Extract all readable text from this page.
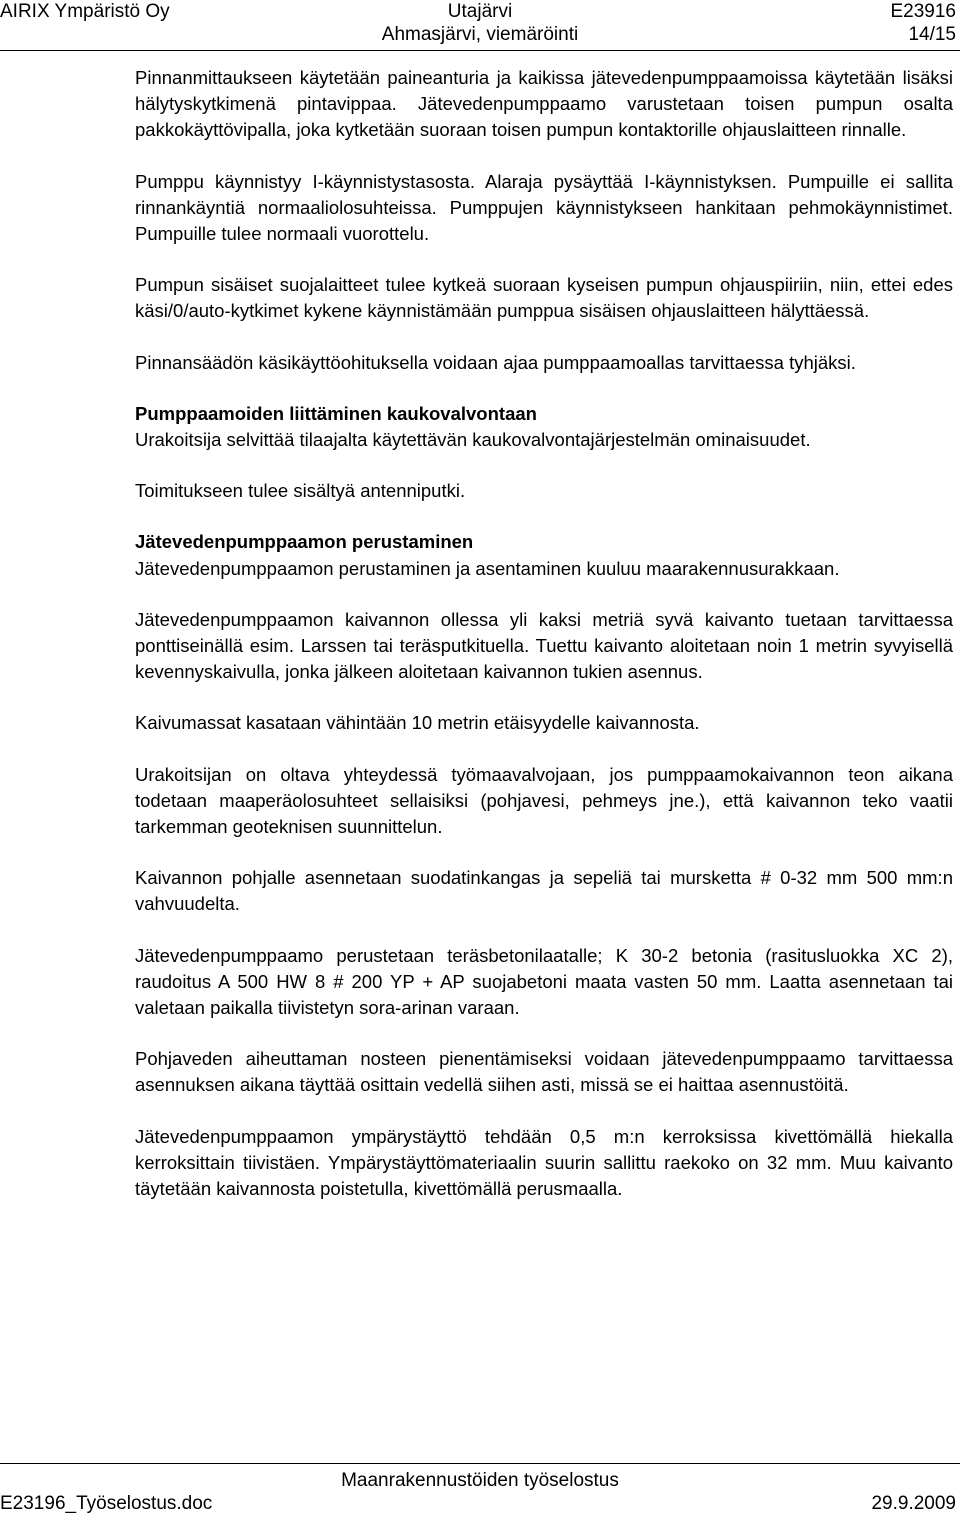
AIRIX Ympäristö Oy	Utajärvi
Ahmasjärvi, viemäröinti
E23916
14/15

Pinnanmittaukseen käytetään paineanturia ja kaikissa jätevedenpumppaamoissa käytetään lisäksi hälytyskytkimenä pintavippaa. Jätevedenpumppaamo varustetaan toisen pumpun osalta pakkokäyttövipalla, joka kytketään suoraan toisen pumpun kontaktorille ohjauslaitteen rinnalle.

Pumppu käynnistyy I-käynnistystasosta. Alaraja pysäyttää I-käynnistyksen. Pumpuille ei sallita rinnankäyntiä normaaliolosuhteissa. Pumppujen käynnistykseen hankitaan pehmokäynnistimet. Pumpuille tulee normaali vuorottelu.

Pumpun sisäiset suojalaitteet tulee kytkeä suoraan kyseisen pumpun ohjauspiiriin, niin, ettei edes käsi/0/auto-kytkimet kykene käynnistämään pumppua sisäisen ohjauslaitteen hälyttäessä.

Pinnansäädön käsikäyttöohituksella voidaan ajaa pumppaamoallas tarvittaessa tyhjäksi.

Pumppaamoiden liittäminen kaukovalvontaan

Urakoitsija selvittää tilaajalta käytettävän kaukovalvontajärjestelmän ominaisuudet.

Toimitukseen tulee sisältyä antenniputki.

Jätevedenpumppaamon perustaminen

Jätevedenpumppaamon perustaminen ja asentaminen kuuluu maarakennusurakkaan.

Jätevedenpumppaamon kaivannon ollessa yli kaksi metriä syvä kaivanto tuetaan tarvittaessa ponttiseinällä esim. Larssen tai teräsputkituella. Tuettu kaivanto aloitetaan noin 1 metrin syvyisellä kevennyskaivulla, jonka jälkeen aloitetaan kaivannon tukien asennus.

Kaivumassat kasataan vähintään 10 metrin etäisyydelle kaivannosta.

Urakoitsijan on oltava yhteydessä työmaavalvojaan, jos pumppaamokaivannon teon aikana todetaan maaperäolosuhteet sellaisiksi (pohjavesi, pehmeys jne.), että kaivannon teko vaatii tarkemman geoteknisen suunnittelun.

Kaivannon pohjalle asennetaan suodatinkangas ja sepeliä tai mursketta # 0-32 mm 500 mm:n vahvuudelta.

Jätevedenpumppaamo perustetaan teräsbetonilaatalle; K 30-2 betonia (rasitusluokka XC 2), raudoitus A 500 HW 8 # 200 YP + AP suojabetoni maata vasten 50 mm. Laatta asennetaan tai valetaan paikalla tiivistetyn sora-arinan varaan.

Pohjaveden aiheuttaman nosteen pienentämiseksi voidaan jätevedenpumppaamo tarvittaessa asennuksen aikana täyttää osittain vedellä siihen asti, missä se ei haittaa asennustöitä.

Jätevedenpumppaamon ympärystäyttö tehdään 0,5 m:n kerroksissa kivettömällä hiekalla kerroksittain tiivistäen. Ympärystäyttömateriaalin suurin sallittu raekoko on 32 mm. Muu kaivanto täytetään kaivannosta poistetulla, kivettömällä perusmaalla.

Maanrakennustöiden työselostus
E23196_Työselostus.doc	29.9.2009
